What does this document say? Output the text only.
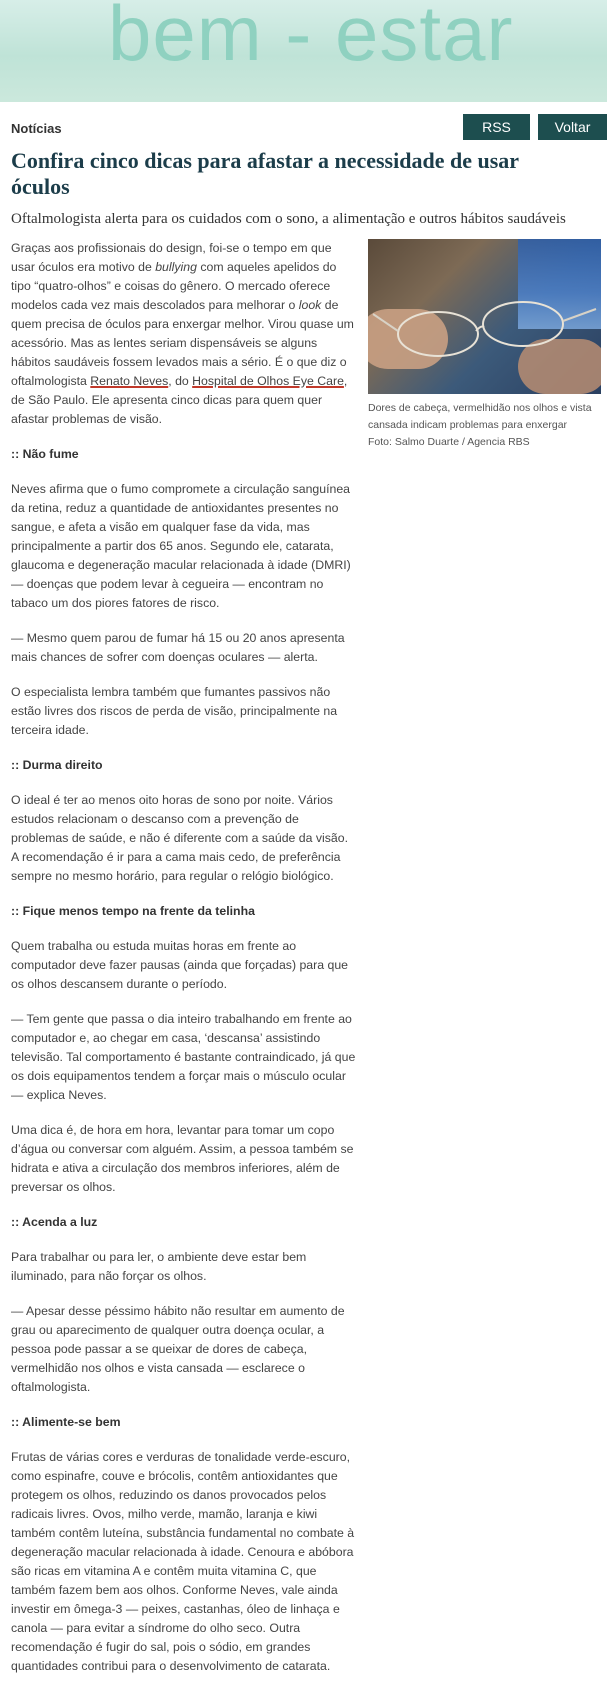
bem - estar
Notícias	RSS	Voltar
Confira cinco dicas para afastar a necessidade de usar óculos
Oftalmologista alerta para os cuidados com o sono, a alimentação e outros hábitos saudáveis

Graças aos profissionais do design, foi-se o tempo em que usar óculos era motivo de bullying com aqueles apelidos do tipo “quatro-olhos” e coisas do gênero. O mercado oferece modelos cada vez mais descolados para melhorar o look de quem precisa de óculos para enxergar melhor. Virou quase um acessório. Mas as lentes seriam dispensáveis se alguns hábitos saudáveis fossem levados mais a sério. É o que diz o oftalmologista Renato Neves, do Hospital de Olhos Eye Care, de São Paulo. Ele apresenta cinco dicas para quem quer afastar problemas de visão.

:: Não fume

Neves afirma que o fumo compromete a circulação sanguínea da retina, reduz a quantidade de antioxidantes presentes no sangue, e afeta a visão em qualquer fase da vida, mas principalmente a partir dos 65 anos. Segundo ele, catarata, glaucoma e degeneração macular relacionada à idade (DMRI) — doenças que podem levar à cegueira — encontram no tabaco um dos piores fatores de risco.

— Mesmo quem parou de fumar há 15 ou 20 anos apresenta mais chances de sofrer com doenças oculares — alerta.

O especialista lembra também que fumantes passivos não estão livres dos riscos de perda de visão, principalmente na terceira idade.

:: Durma direito

O ideal é ter ao menos oito horas de sono por noite. Vários estudos relacionam o descanso com a prevenção de problemas de saúde, e não é diferente com a saúde da visão. A recomendação é ir para a cama mais cedo, de preferência sempre no mesmo horário, para regular o relógio biológico.

:: Fique menos tempo na frente da telinha

Quem trabalha ou estuda muitas horas em frente ao computador deve fazer pausas (ainda que forçadas) para que os olhos descansem durante o período.

— Tem gente que passa o dia inteiro trabalhando em frente ao computador e, ao chegar em casa, ‘descansa’ assistindo televisão. Tal comportamento é bastante contraindicado, já que os dois equipamentos tendem a forçar mais o músculo ocular — explica Neves.

Uma dica é, de hora em hora, levantar para tomar um copo d’água ou conversar com alguém. Assim, a pessoa também se hidrata e ativa a circulação dos membros inferiores, além de preversar os olhos.

:: Acenda a luz

Para trabalhar ou para ler, o ambiente deve estar bem iluminado, para não forçar os olhos.

— Apesar desse péssimo hábito não resultar em aumento de grau ou aparecimento de qualquer outra doença ocular, a pessoa pode passar a se queixar de dores de cabeça, vermelhidão nos olhos e vista cansada — esclarece o oftalmologista.

:: Alimente-se bem

Frutas de várias cores e verduras de tonalidade verde-escuro, como espinafre, couve e brócolis, contêm antioxidantes que protegem os olhos, reduzindo os danos provocados pelos radicais livres. Ovos, milho verde, mamão, laranja e kiwi também contêm luteína, substância fundamental no combate à degeneração macular relacionada à idade. Cenoura e abóbora são ricas em vitamina A e contêm muita vitamina C, que também fazem bem aos olhos. Conforme Neves, vale ainda investir em ômega-3 — peixes, castanhas, óleo de linhaça e canola — para evitar a síndrome do olho seco. Outra recomendação é fugir do sal, pois o sódio, em grandes quantidades contribui para o desenvolvimento de catarata.

Dores de cabeça, vermelhidão nos olhos e vista cansada indicam problemas para enxergar
Foto: Salmo Duarte / Agencia RBS
